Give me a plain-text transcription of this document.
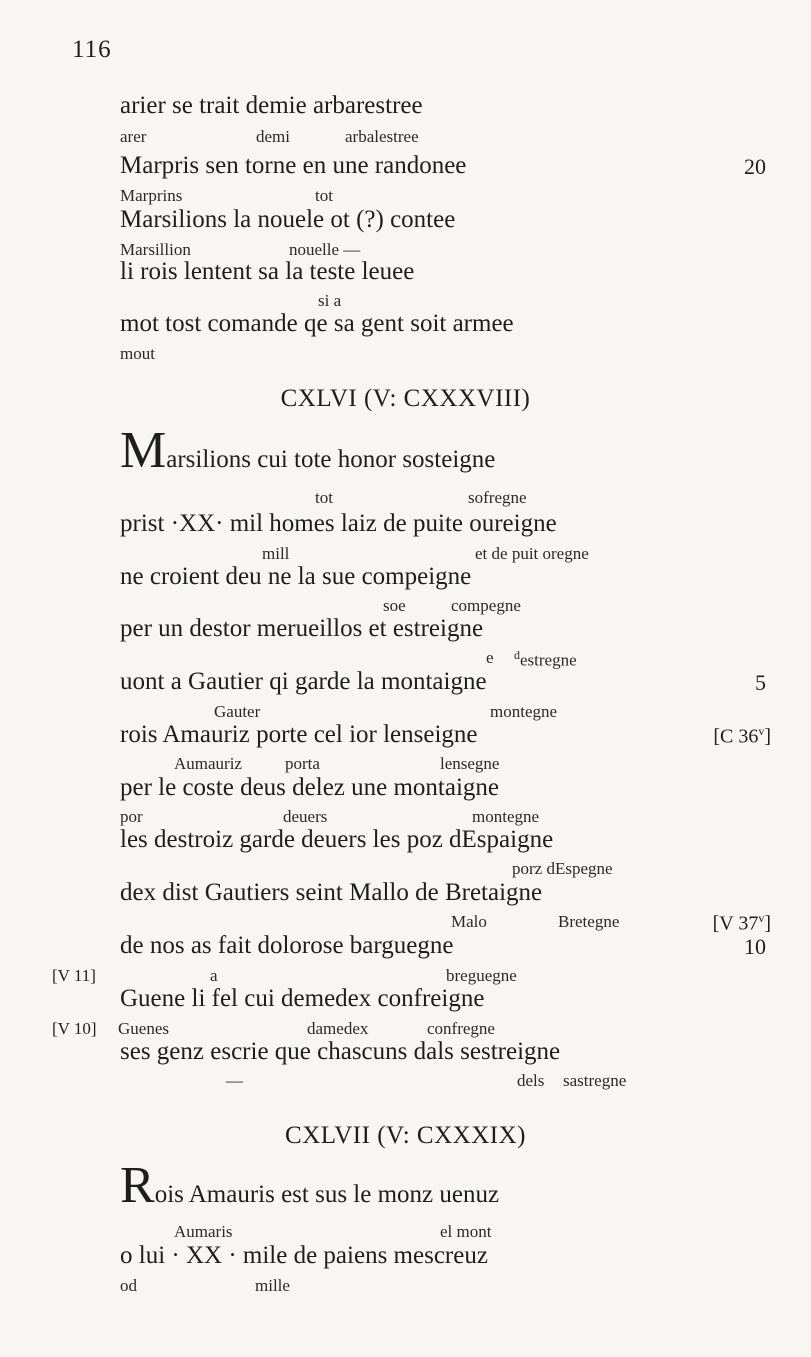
116
arier se trait demie arbarestree
arer	demi	arbalestree
Marpris sen torne en une randonee	20
Marprins	tot
Marsilions la nouele ot (?) contee
Marsillion	nouelle —
li rois lentent sa la teste leuee
si a
mot tost comande qe sa gent soit armee
mout
CXLVI (V: CXXXVIII)
Marsilions cui tote honor sosteigne
tot	sofregne
prist ·XX· mil homes laiz de puite oureigne
mill	et de puit oregne
ne croient deu ne la sue compeigne
soe	compegne
per un destor merueillos et estreigne
e $^d$estregne
uont a Gautier qi garde la montaigne	5
Gauter	montegne
rois Amauriz porte cel ior lenseigne	[C 36$^v$]
Aumauriz	porta	lensegne
per le coste deus delez une montaigne
por	deuers	montegne
les destroiz garde deuers les poz dEspaigne
porz dEspegne
dex dist Gautiers seint Mallo de Bretaigne
Malo	Bretegne	[V 37$^v$]
de nos as fait dolorose barguegne	10
[V 11]	a	breguegne
Guene li fel cui demedex confreigne
[V 10] Guenes	damedex	confregne
ses genz escrie que chascuns dals sestreigne
—	dels sastregne
CXLVII (V: CXXXIX)
Rois Amauris est sus le monz uenuz
Aumaris	el mont
o lui · XX · mile de paiens mescreuz
od	mille
